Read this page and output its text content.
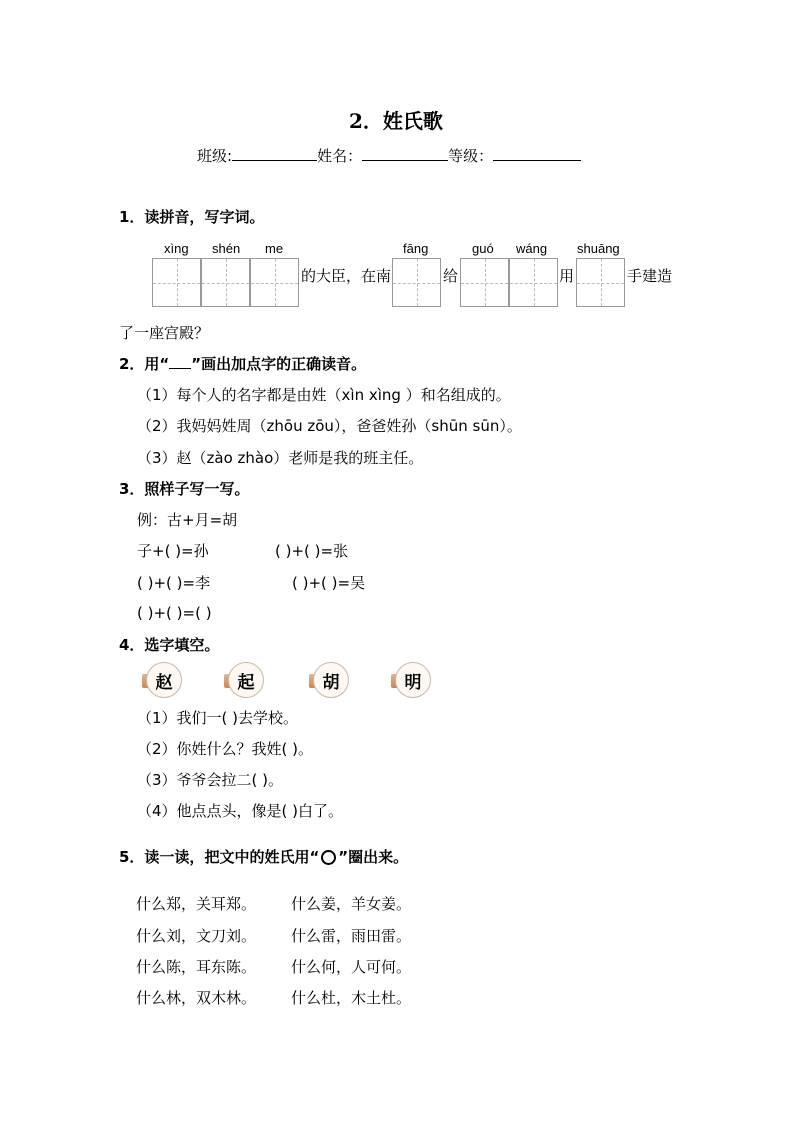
2．姓氏歌
班级:	姓名：	等级：
1．读拼音，写字词。
xìng shén me	fāng	guó wáng shuāng
的大臣，在南	给	用	手建造
了一座宫殿？
2．用“ ”画出加点字的正确读音。
（1）每个人的名字都是由姓（xìn xìng ）和名组成的。
（2）我妈妈姓周（zhōu zōu），爸爸姓孙（shūn sūn）。
（3）赵（zào zhào）老师是我的班主任。
3．照样子写一写。
例：古+月=胡
子+( )=孙	( )+( )=张
( )+( )=李	( )+( )=吴
( )+( )=( )
4．选字填空。
赵	起	胡	明
（1）我们一( )去学校。
（2）你姓什么？我姓( )。
（3）爷爷会拉二( )。
（4）他点点头，像是( )白了。
5．读一读，把文中的姓氏用“ ”圈出来。
什么郑，关耳郑。 什么姜，羊女姜。
什么刘，文刀刘。 什么雷，雨田雷。
什么陈，耳东陈。 什么何，人可何。
什么林，双木林。 什么杜，木土杜。
